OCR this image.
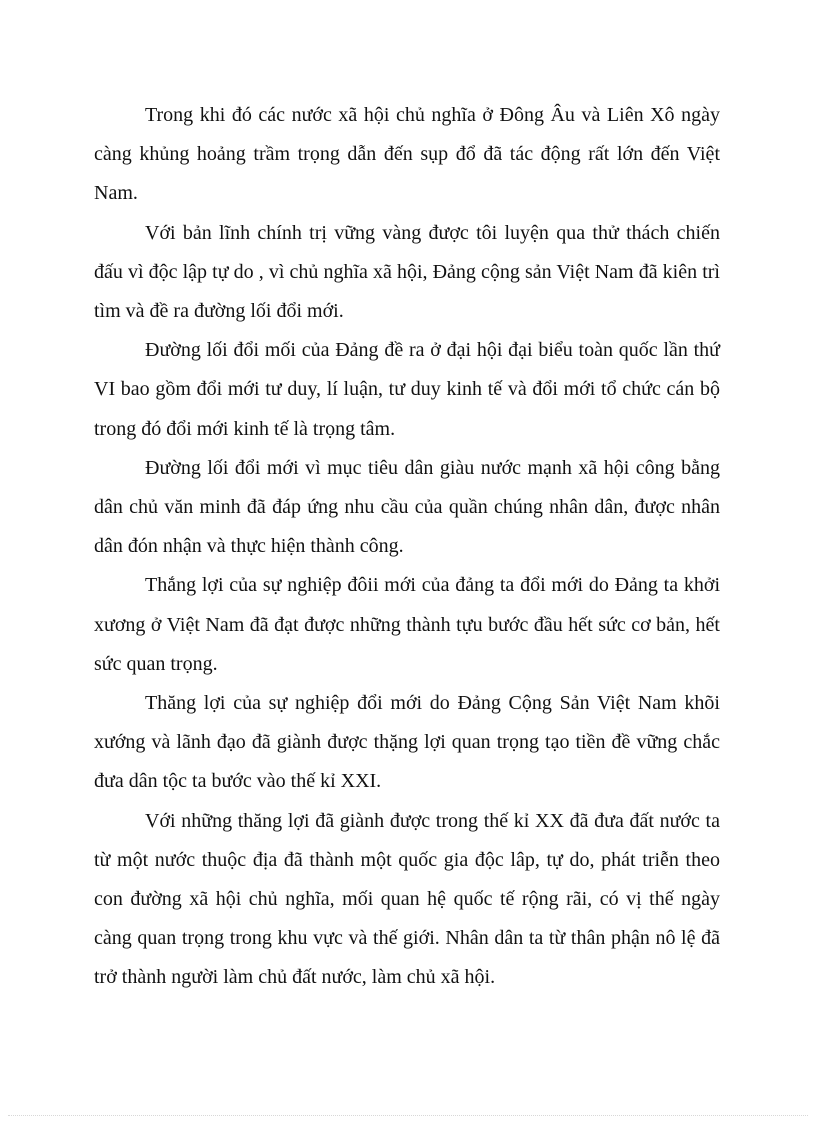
Trong khi đó các nước xã hội chủ nghĩa ở Đông Âu và Liên Xô ngày càng khủng hoảng trầm trọng dẫn đến sụp đổ đã tác động rất lớn đến Việt Nam.

Với bản lĩnh chính trị vững vàng được tôi luyện qua thử thách chiến đấu vì độc lập tự do , vì chủ nghĩa xã hội, Đảng cộng sản Việt Nam đã kiên trì tìm và đề ra đường lối đổi mới.

Đường lối đổi mối của Đảng đề ra ở đại hội đại biểu toàn quốc lần thứ VI bao gồm đổi mới tư duy, lí luận, tư duy kinh tế và đổi mới tổ chức cán bộ trong đó đổi mới kinh tế là trọng tâm.

Đường lối đổi mới vì mục tiêu dân giàu nước mạnh xã hội công bằng dân chủ văn minh đã đáp ứng nhu cầu của quần chúng nhân dân, được nhân dân đón nhận và thực hiện thành công.

Thắng lợi của sự nghiệp đôii mới của đảng ta đổi mới do Đảng ta khởi xương ở Việt Nam đã đạt được những thành tựu bước đầu hết sức cơ bản, hết sức quan trọng.

Thăng lợi của sự nghiệp đổi mới do Đảng Cộng Sản Việt Nam khõi xướng và lãnh đạo đã giành được thặng lợi quan trọng tạo tiền đề vững chắc đưa dân tộc ta bước vào thế kỉ XXI.

Với những thăng lợi đã giành được trong thế kỉ XX đã đưa đất nước ta từ một nước thuộc địa đã thành một quốc gia độc lâp, tự do, phát triễn theo con đường xã hội chủ nghĩa, mối quan hệ quốc tế rộng rãi, có vị thế ngày càng quan trọng trong khu vực và thế giới. Nhân dân ta từ thân phận nô lệ đã trở thành người làm chủ đất nước, làm chủ xã hội.
